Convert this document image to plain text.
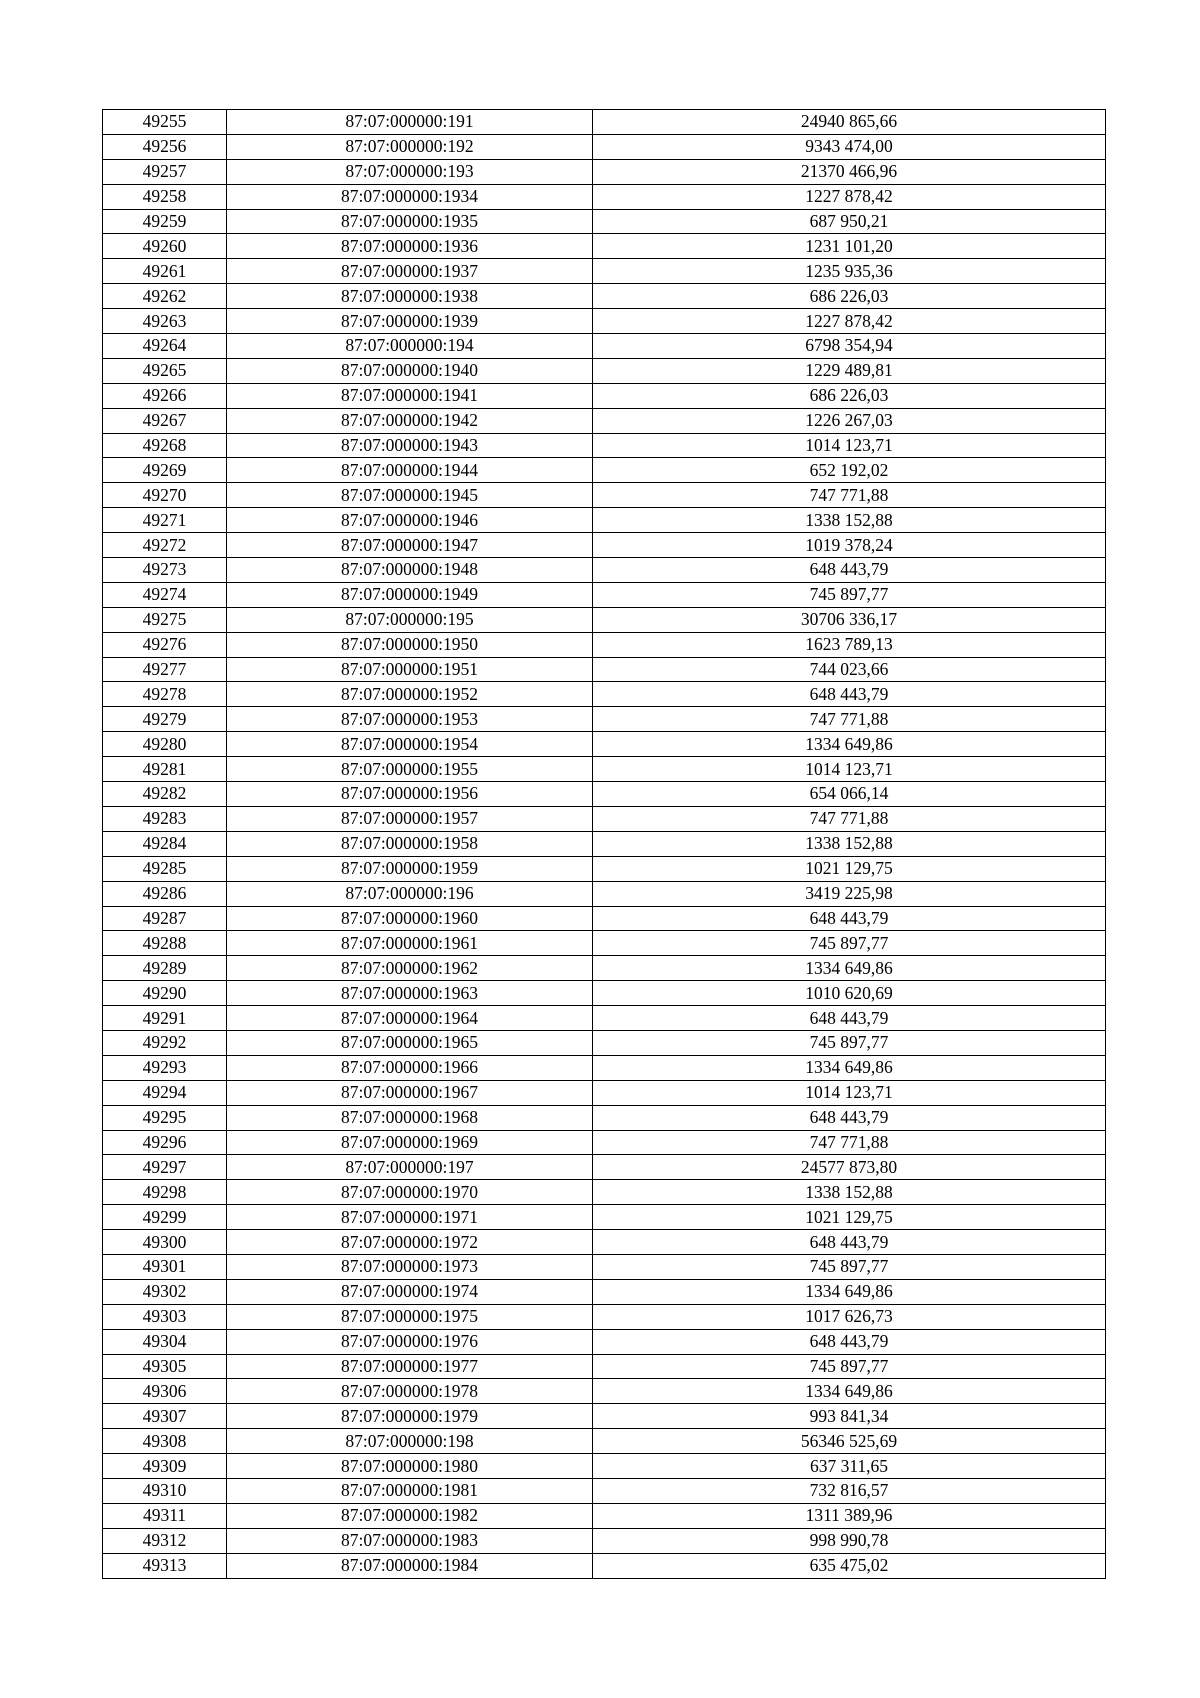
49255	87:07:000000:191	24940 865,66
49256	87:07:000000:192	9343 474,00
49257	87:07:000000:193	21370 466,96
49258	87:07:000000:1934	1227 878,42
49259	87:07:000000:1935	687 950,21
49260	87:07:000000:1936	1231 101,20
49261	87:07:000000:1937	1235 935,36
49262	87:07:000000:1938	686 226,03
49263	87:07:000000:1939	1227 878,42
49264	87:07:000000:194	6798 354,94
49265	87:07:000000:1940	1229 489,81
49266	87:07:000000:1941	686 226,03
49267	87:07:000000:1942	1226 267,03
49268	87:07:000000:1943	1014 123,71
49269	87:07:000000:1944	652 192,02
49270	87:07:000000:1945	747 771,88
49271	87:07:000000:1946	1338 152,88
49272	87:07:000000:1947	1019 378,24
49273	87:07:000000:1948	648 443,79
49274	87:07:000000:1949	745 897,77
49275	87:07:000000:195	30706 336,17
49276	87:07:000000:1950	1623 789,13
49277	87:07:000000:1951	744 023,66
49278	87:07:000000:1952	648 443,79
49279	87:07:000000:1953	747 771,88
49280	87:07:000000:1954	1334 649,86
49281	87:07:000000:1955	1014 123,71
49282	87:07:000000:1956	654 066,14
49283	87:07:000000:1957	747 771,88
49284	87:07:000000:1958	1338 152,88
49285	87:07:000000:1959	1021 129,75
49286	87:07:000000:196	3419 225,98
49287	87:07:000000:1960	648 443,79
49288	87:07:000000:1961	745 897,77
49289	87:07:000000:1962	1334 649,86
49290	87:07:000000:1963	1010 620,69
49291	87:07:000000:1964	648 443,79
49292	87:07:000000:1965	745 897,77
49293	87:07:000000:1966	1334 649,86
49294	87:07:000000:1967	1014 123,71
49295	87:07:000000:1968	648 443,79
49296	87:07:000000:1969	747 771,88
49297	87:07:000000:197	24577 873,80
49298	87:07:000000:1970	1338 152,88
49299	87:07:000000:1971	1021 129,75
49300	87:07:000000:1972	648 443,79
49301	87:07:000000:1973	745 897,77
49302	87:07:000000:1974	1334 649,86
49303	87:07:000000:1975	1017 626,73
49304	87:07:000000:1976	648 443,79
49305	87:07:000000:1977	745 897,77
49306	87:07:000000:1978	1334 649,86
49307	87:07:000000:1979	993 841,34
49308	87:07:000000:198	56346 525,69
49309	87:07:000000:1980	637 311,65
49310	87:07:000000:1981	732 816,57
49311	87:07:000000:1982	1311 389,96
49312	87:07:000000:1983	998 990,78
49313	87:07:000000:1984	635 475,02
